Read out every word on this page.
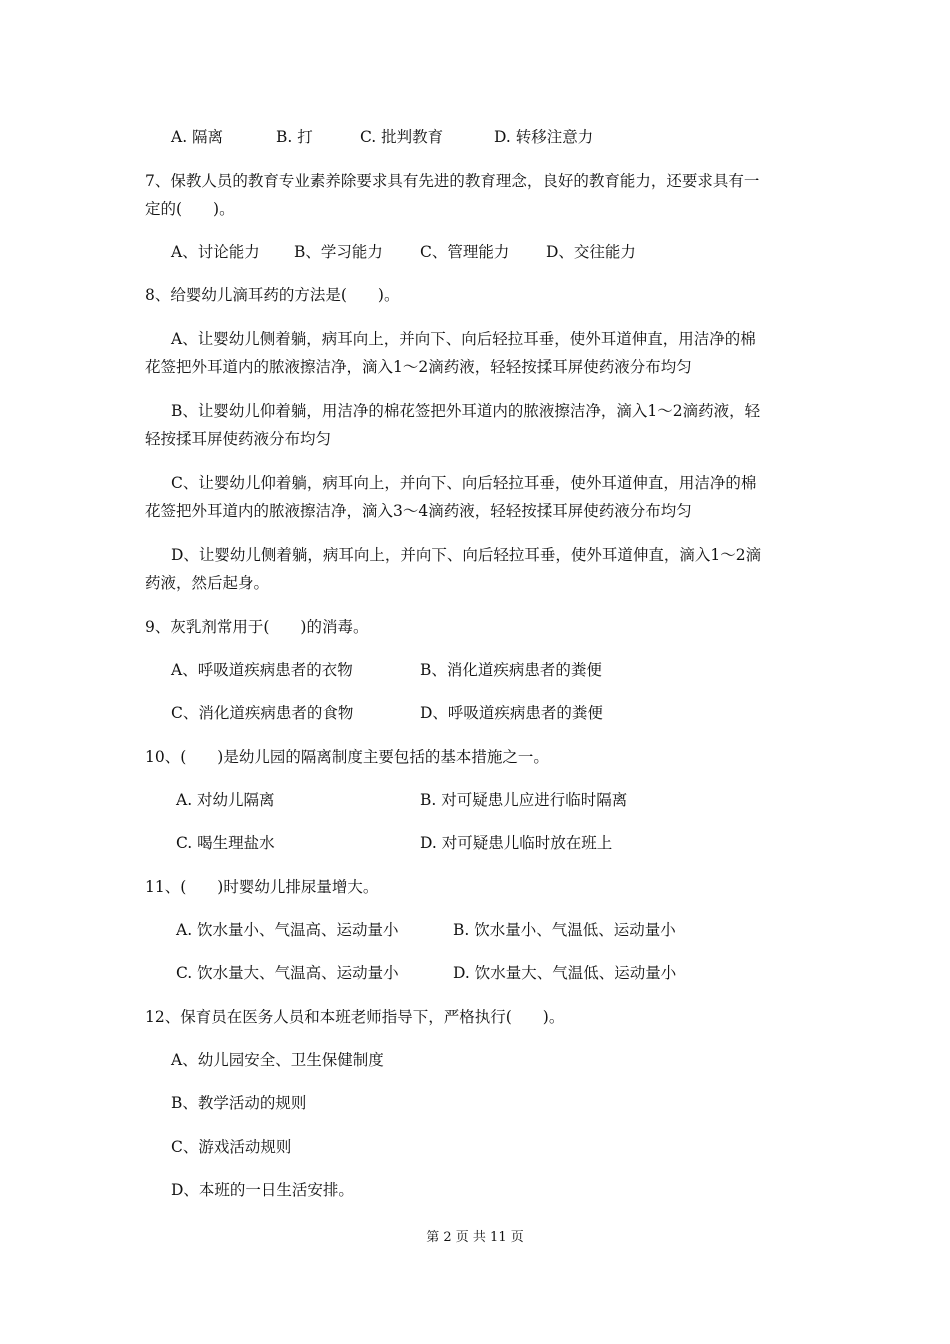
A. 隔离	B. 打	C. 批判教育	D. 转移注意力
7、保教人员的教育专业素养除要求具有先进的教育理念，良好的教育能力，还要求具有一
定的(　　)。
A、讨论能力 B、学习能力 C、管理能力 D、交往能力
8、给婴幼儿滴耳药的方法是(　　)。
A、让婴幼儿侧着躺，病耳向上，并向下、向后轻拉耳垂，使外耳道伸直，用洁净的棉
花签把外耳道内的脓液擦洁净，滴入1～2滴药液，轻轻按揉耳屏使药液分布均匀
B、让婴幼儿仰着躺，用洁净的棉花签把外耳道内的脓液擦洁净，滴入1～2滴药液，轻
轻按揉耳屏使药液分布均匀
C、让婴幼儿仰着躺，病耳向上，并向下、向后轻拉耳垂，使外耳道伸直，用洁净的棉
花签把外耳道内的脓液擦洁净，滴入3～4滴药液，轻轻按揉耳屏使药液分布均匀
D、让婴幼儿侧着躺，病耳向上，并向下、向后轻拉耳垂，使外耳道伸直，滴入1～2滴
药液，然后起身。
9、灰乳剂常用于(　　)的消毒。
A、呼吸道疾病患者的衣物	B、消化道疾病患者的粪便
C、消化道疾病患者的食物	D、呼吸道疾病患者的粪便
10、(　　)是幼儿园的隔离制度主要包括的基本措施之一。
A. 对幼儿隔离	B. 对可疑患儿应进行临时隔离
C. 喝生理盐水	D. 对可疑患儿临时放在班上
11、(　　)时婴幼儿排尿量增大。
A. 饮水量小、气温高、运动量小	B. 饮水量小、气温低、运动量小
C. 饮水量大、气温高、运动量小	D. 饮水量大、气温低、运动量小
12、保育员在医务人员和本班老师指导下，严格执行(　　)。
A、幼儿园安全、卫生保健制度
B、教学活动的规则
C、游戏活动规则
D、本班的一日生活安排。
第 2 页 共 11 页
